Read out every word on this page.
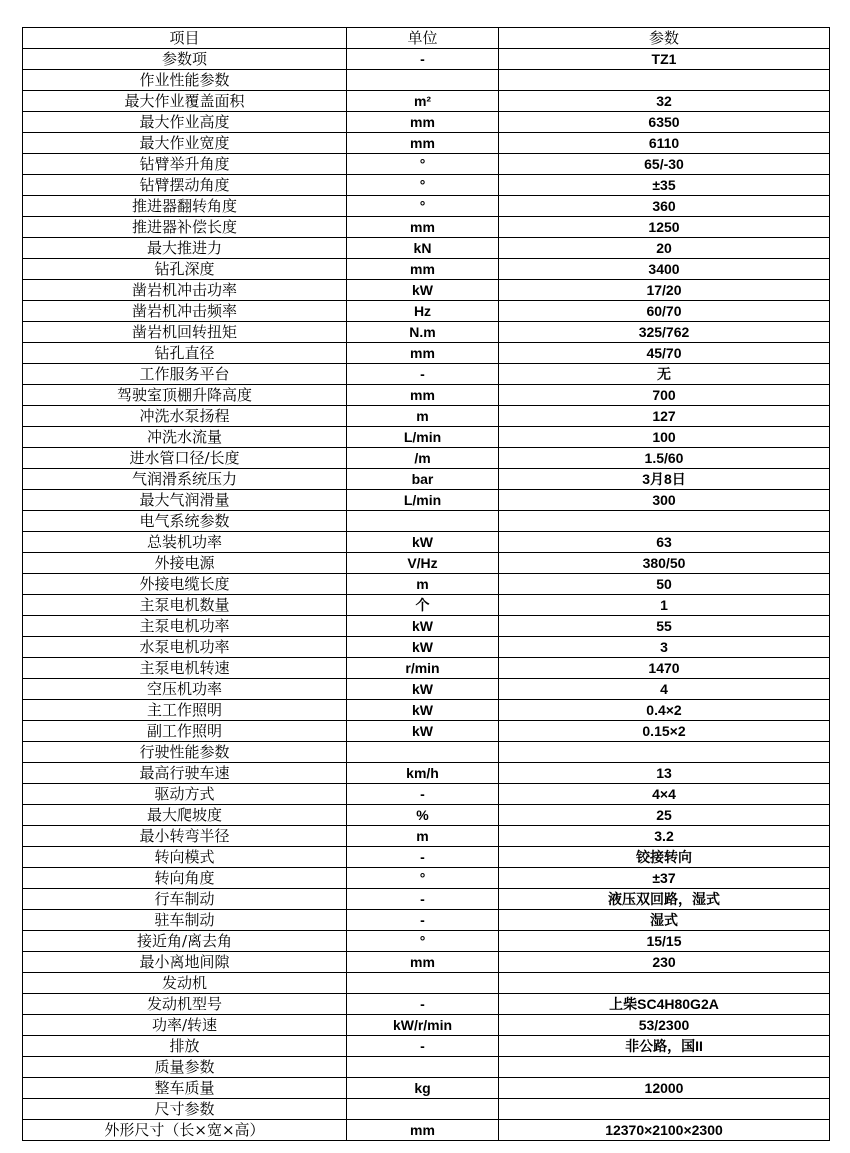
项目	单位	参数
参数项	-	TZ1
作业性能参数		
最大作业覆盖面积	m²	32
最大作业高度	mm	6350
最大作业宽度	mm	6110
钻臂举升角度	°	65/-30
钻臂摆动角度	°	±35
推进器翻转角度	°	360
推进器补偿长度	mm	1250
最大推进力	kN	20
钻孔深度	mm	3400
凿岩机冲击功率	kW	17/20
凿岩机冲击频率	Hz	60/70
凿岩机回转扭矩	N.m	325/762
钻孔直径	mm	45/70
工作服务平台	-	无
驾驶室顶棚升降高度	mm	700
冲洗水泵扬程	m	127
冲洗水流量	L/min	100
进水管口径/长度	/m	1.5/60
气润滑系统压力	bar	3月8日
最大气润滑量	L/min	300
电气系统参数		
总装机功率	kW	63
外接电源	V/Hz	380/50
外接电缆长度	m	50
主泵电机数量	个	1
主泵电机功率	kW	55
水泵电机功率	kW	3
主泵电机转速	r/min	1470
空压机功率	kW	4
主工作照明	kW	0.4×2
副工作照明	kW	0.15×2
行驶性能参数		
最高行驶车速	km/h	13
驱动方式	-	4×4
最大爬坡度	%	25
最小转弯半径	m	3.2
转向模式	-	铰接转向
转向角度	°	±37
行车制动	-	液压双回路，湿式
驻车制动	-	湿式
接近角/离去角	°	15/15
最小离地间隙	mm	230
发动机		
发动机型号	-	上柴SC4H80G2A
功率/转速	kW/r/min	53/2300
排放	-	非公路，国II
质量参数		
整车质量	kg	12000
尺寸参数		
外形尺寸（长×宽×高）	mm	12370×2100×2300
